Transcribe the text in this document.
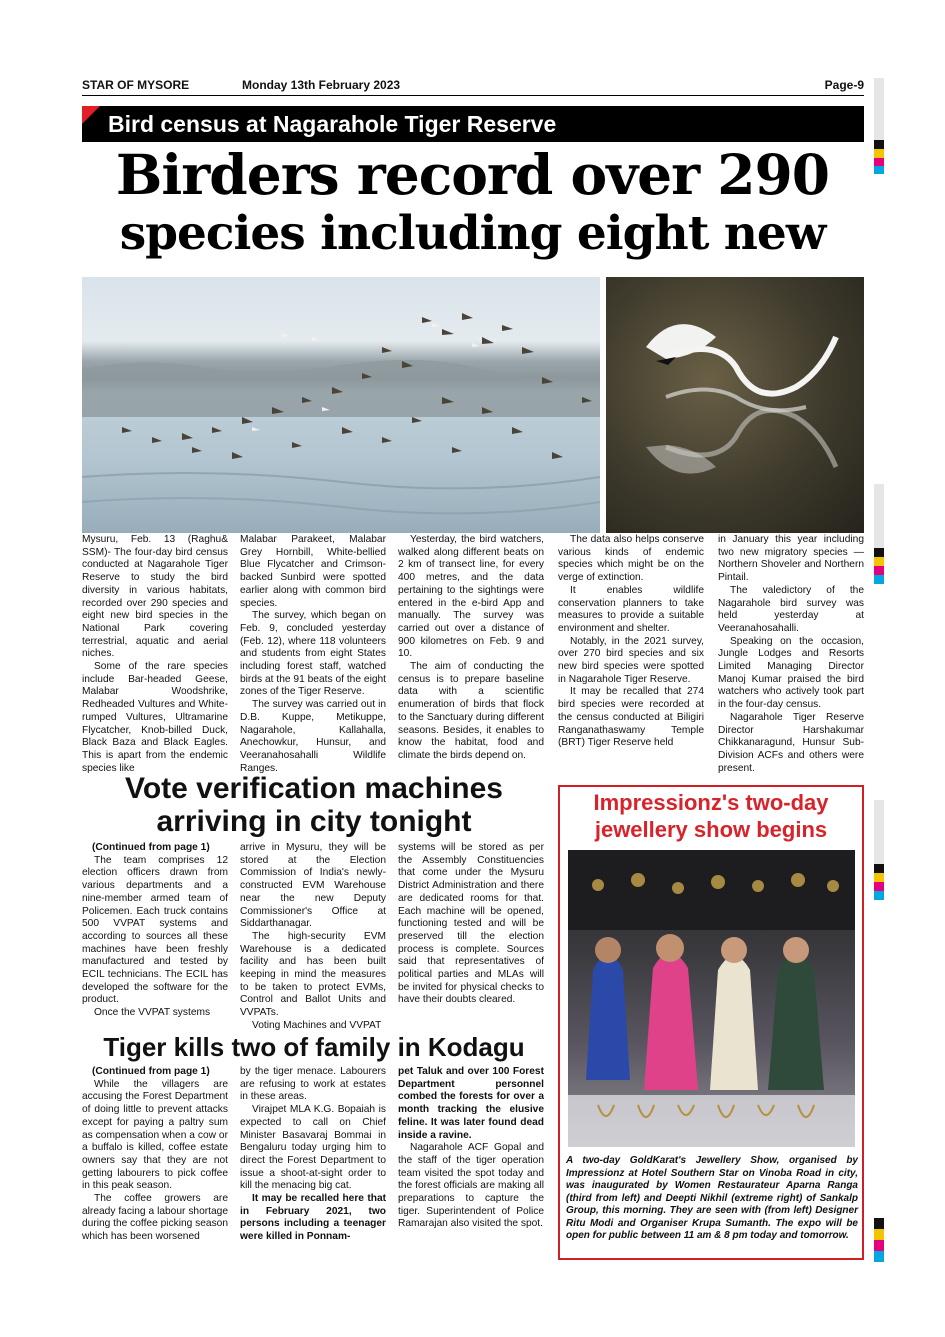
STAR OF MYSORE	Monday 13th February 2023	Page-9
Bird census at Nagarahole Tiger Reserve
Birders record over 290
species including eight new

Mysuru, Feb. 13 (Raghu& SSM)- The four-day bird census conducted at Nagarahole Tiger Reserve to study the bird diversity in various habitats, recorded over 290 species and eight new bird species in the National Park covering terrestrial, aquatic and aerial niches.

Some of the rare species include Bar-headed Geese, Malabar Woodshrike, Redheaded Vultures and White-rumped Vultures, Ultramarine Flycatcher, Knob-billed Duck, Black Baza and Black Eagles. This is apart from the endemic species like

Malabar Parakeet, Malabar Grey Hornbill, White-bellied Blue Flycatcher and Crimson-backed Sunbird were spotted earlier along with common bird species.

The survey, which began on Feb. 9, concluded yesterday (Feb. 12), where 118 volunteers and students from eight States including forest staff, watched birds at the 91 beats of the eight zones of the Tiger Reserve.

The survey was carried out in D.B. Kuppe, Metikuppe, Nagarahole, Kallahalla, Anechowkur, Hunsur, and Veeranahosahalli Wildlife Ranges.

Yesterday, the bird watchers, walked along different beats on 2 km of transect line, for every 400 metres, and the data pertaining to the sightings were entered in the e-bird App and manually. The survey was carried out over a distance of 900 kilometres on Feb. 9 and 10.

The aim of conducting the census is to prepare baseline data with a scientific enumeration of birds that flock to the Sanctuary during different seasons. Besides, it enables to know the habitat, food and climate the birds depend on.

The data also helps conserve various kinds of endemic species which might be on the verge of extinction.

It enables wildlife conservation planners to take measures to provide a suitable environment and shelter.

Notably, in the 2021 survey, over 270 bird species and six new bird species were spotted in Nagarahole Tiger Reserve.

It may be recalled that 274 bird species were recorded at the census conducted at Biligiri Ranganathaswamy Temple (BRT) Tiger Reserve held

in January this year including two new migratory species — Northern Shoveler and Northern Pintail.

The valedictory of the Nagarahole bird survey was held yesterday at Veeranahosahalli.

Speaking on the occasion, Jungle Lodges and Resorts Limited Managing Director Manoj Kumar praised the bird watchers who actively took part in the four-day census.

Nagarahole Tiger Reserve Director Harshakumar Chikkanaragund, Hunsur Sub-Division ACFs and others were present.

Vote verification machines
arriving in city tonight

(Continued from page 1)

The team comprises 12 election officers drawn from various departments and a nine-member armed team of Policemen. Each truck contains 500 VVPAT systems and according to sources all these machines have been freshly manufactured and tested by ECIL technicians. The ECIL has developed the software for the product.

Once the VVPAT systems

arrive in Mysuru, they will be stored at the Election Commission of India's newly-constructed EVM Warehouse near the new Deputy Commissioner's Office at Siddarthanagar.

The high-security EVM Warehouse is a dedicated facility and has been built keeping in mind the measures to be taken to protect EVMs, Control and Ballot Units and VVPATs.

Voting Machines and VVPAT

systems will be stored as per the Assembly Constituencies that come under the Mysuru District Administration and there are dedicated rooms for that. Each machine will be opened, functioning tested and will be preserved till the election process is complete. Sources said that representatives of political parties and MLAs will be invited for physical checks to have their doubts cleared.

Tiger kills two of family in Kodagu

(Continued from page 1)

While the villagers are accusing the Forest Department of doing little to prevent attacks except for paying a paltry sum as compensation when a cow or a buffalo is killed, coffee estate owners say that they are not getting labourers to pick coffee in this peak season.

The coffee growers are already facing a labour shortage during the coffee picking season which has been worsened

by the tiger menace. Labourers are refusing to work at estates in these areas.

Virajpet MLA K.G. Bopaiah is expected to call on Chief Minister Basavaraj Bommai in Bengaluru today urging him to direct the Forest Department to issue a shoot-at-sight order to kill the menacing big cat.

It may be recalled here that in February 2021, two persons including a teenager were killed in Ponnam-

pet Taluk and over 100 Forest Department personnel combed the forests for over a month tracking the elusive feline. It was later found dead inside a ravine.

Nagarahole ACF Gopal and the staff of the tiger operation team visited the spot today and the forest officials are making all preparations to capture the tiger. Superintendent of Police Ramarajan also visited the spot.

Impressionz's two-day
jewellery show begins

A two-day GoldKarat's Jewellery Show, organised by Impressionz at Hotel Southern Star on Vinoba Road in city, was inaugurated by Women Restaurateur Aparna Ranga (third from left) and Deepti Nikhil (extreme right) of Sankalp Group, this morning. They are seen with (from left) Designer Ritu Modi and Organiser Krupa Sumanth. The expo will be open for public between 11 am & 8 pm today and tomorrow.
